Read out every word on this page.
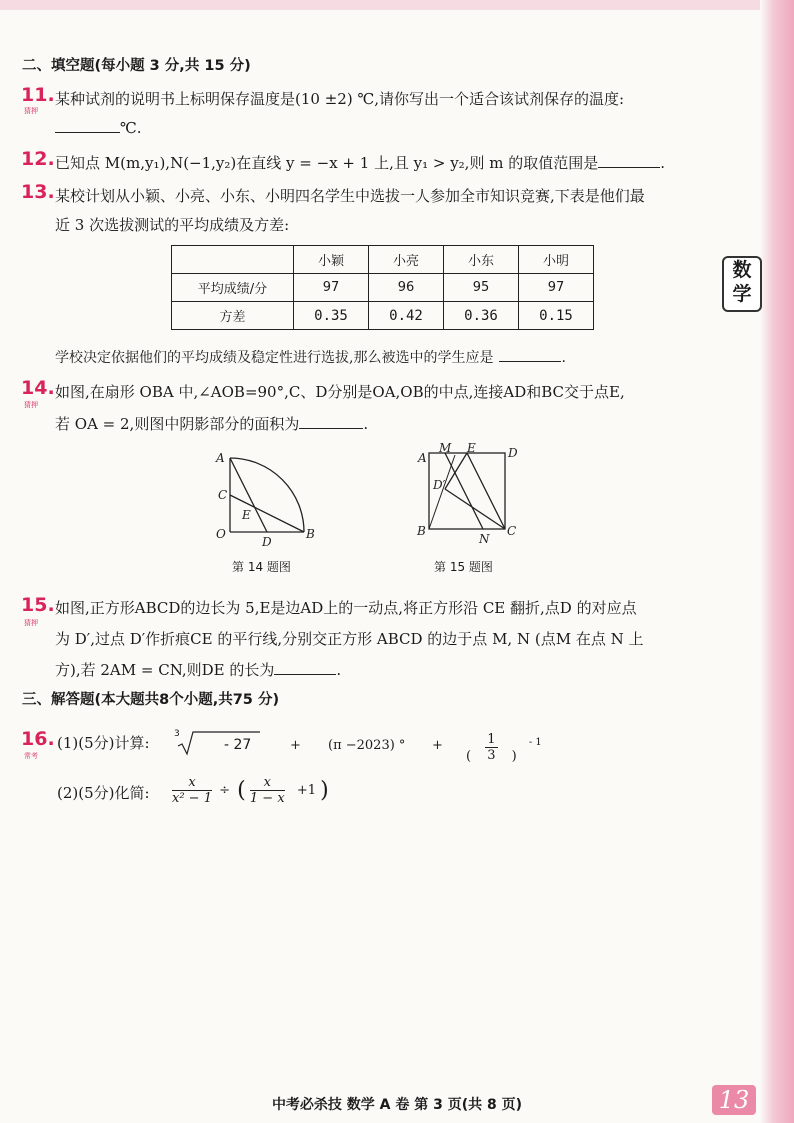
二、填空题(每小题 3 分,共 15 分)
11.
猜押
某种试剂的说明书上标明保存温度是(10 ±2) ℃,请你写出一个适合该试剂保存的温度:
℃.
12. 已知点 M(m,y₁),N(−1,y₂)在直线 y = −x + 1 上,且 y₁ > y₂,则 m 的取值范围是	.
13. 某校计划从小颖、小亮、小东、小明四名学生中选拔一人参加全市知识竞赛,下表是他们最
近 3 次选拔测试的平均成绩及方差:
	小颖	小亮	小东	小明
平均成绩/分	97	96	95	97
方差	0.35	0.42	0.36	0.15
学校决定依据他们的平均成绩及稳定性进行选拔,那么被选中的学生应是	.
数
学
14.
猜押
如图,在扇形 OBA 中,∠AOB=90°,C、D分别是OA,OB的中点,连接AD和BC交于点E,
若 OA = 2,则图中阴影部分的面积为	.
A
C
E
O
D
B
第 14 题图
A
M E	D
D′
B
N
C
第 15 题图
15.
猜押
如图,正方形ABCD的边长为 5,E是边AD上的一动点,将正方形沿 CE 翻折,点D 的对应点
为 D′,过点 D′作折痕CE 的平行线,分别交正方形 ABCD 的边于点 M, N (点M 在点 N 上
方),若 2AM = CN,则DE 的长为	.
三、解答题(本大题共8个小题,共75 分)
16.
常考
(1)(5分)计算:	3
- 27	+ (π −2023) ° +
( $\frac{1}{3}$ ) $^{- 1}$
(2)(5分)化简: $\frac{x}{\text{x² − 1}}$ ÷ ( $\frac{x}{1 - x} +1$ )
中考必杀技 数学 A 卷 第 3 页(共 8 页)	13
